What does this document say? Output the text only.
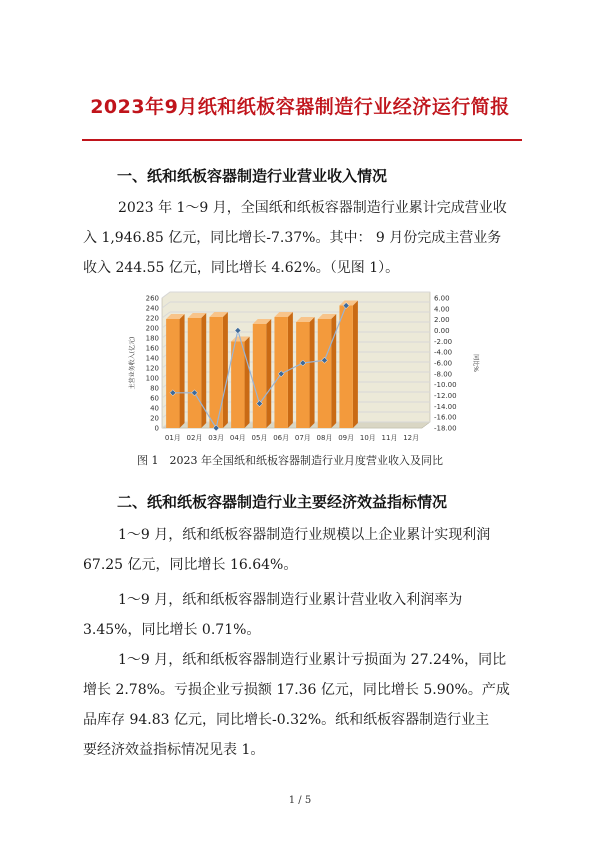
2023年9月纸和纸板容器制造行业经济运行简报
一、纸和纸板容器制造行业营业收入情况
2023 年 1～9 月，全国纸和纸板容器制造行业累计完成营业收
入 1,946.85 亿元，同比增长-7.37%。其中： 9 月份完成主营业务
收入 244.55 亿元，同比增长 4.62%。（见图 1）。
0
20
40
60
80
100
120
140
160
180
200
220
240
260	6.00
4.00
2.00
0.00
-2.00
-4.00
-6.00
-8.00
-10.00
-12.00
-14.00
-16.00
-18.00
主营业务收入(亿元)	同比%
01月 02月 03月 04月 05月 06月 07月 08月 09月 10月 11月 12月
图 1　2023 年全国纸和纸板容器制造行业月度营业收入及同比
二、纸和纸板容器制造行业主要经济效益指标情况
1～9 月，纸和纸板容器制造行业规模以上企业累计实现利润
67.25 亿元，同比增长 16.64%。
1～9 月，纸和纸板容器制造行业累计营业收入利润率为
3.45%，同比增长 0.71%。
1～9 月，纸和纸板容器制造行业累计亏损面为 27.24%，同比
增长 2.78%。亏损企业亏损额 17.36 亿元，同比增长 5.90%。产成
品库存 94.83 亿元，同比增长-0.32%。纸和纸板容器制造行业主
要经济效益指标情况见表 1。
1 / 5
